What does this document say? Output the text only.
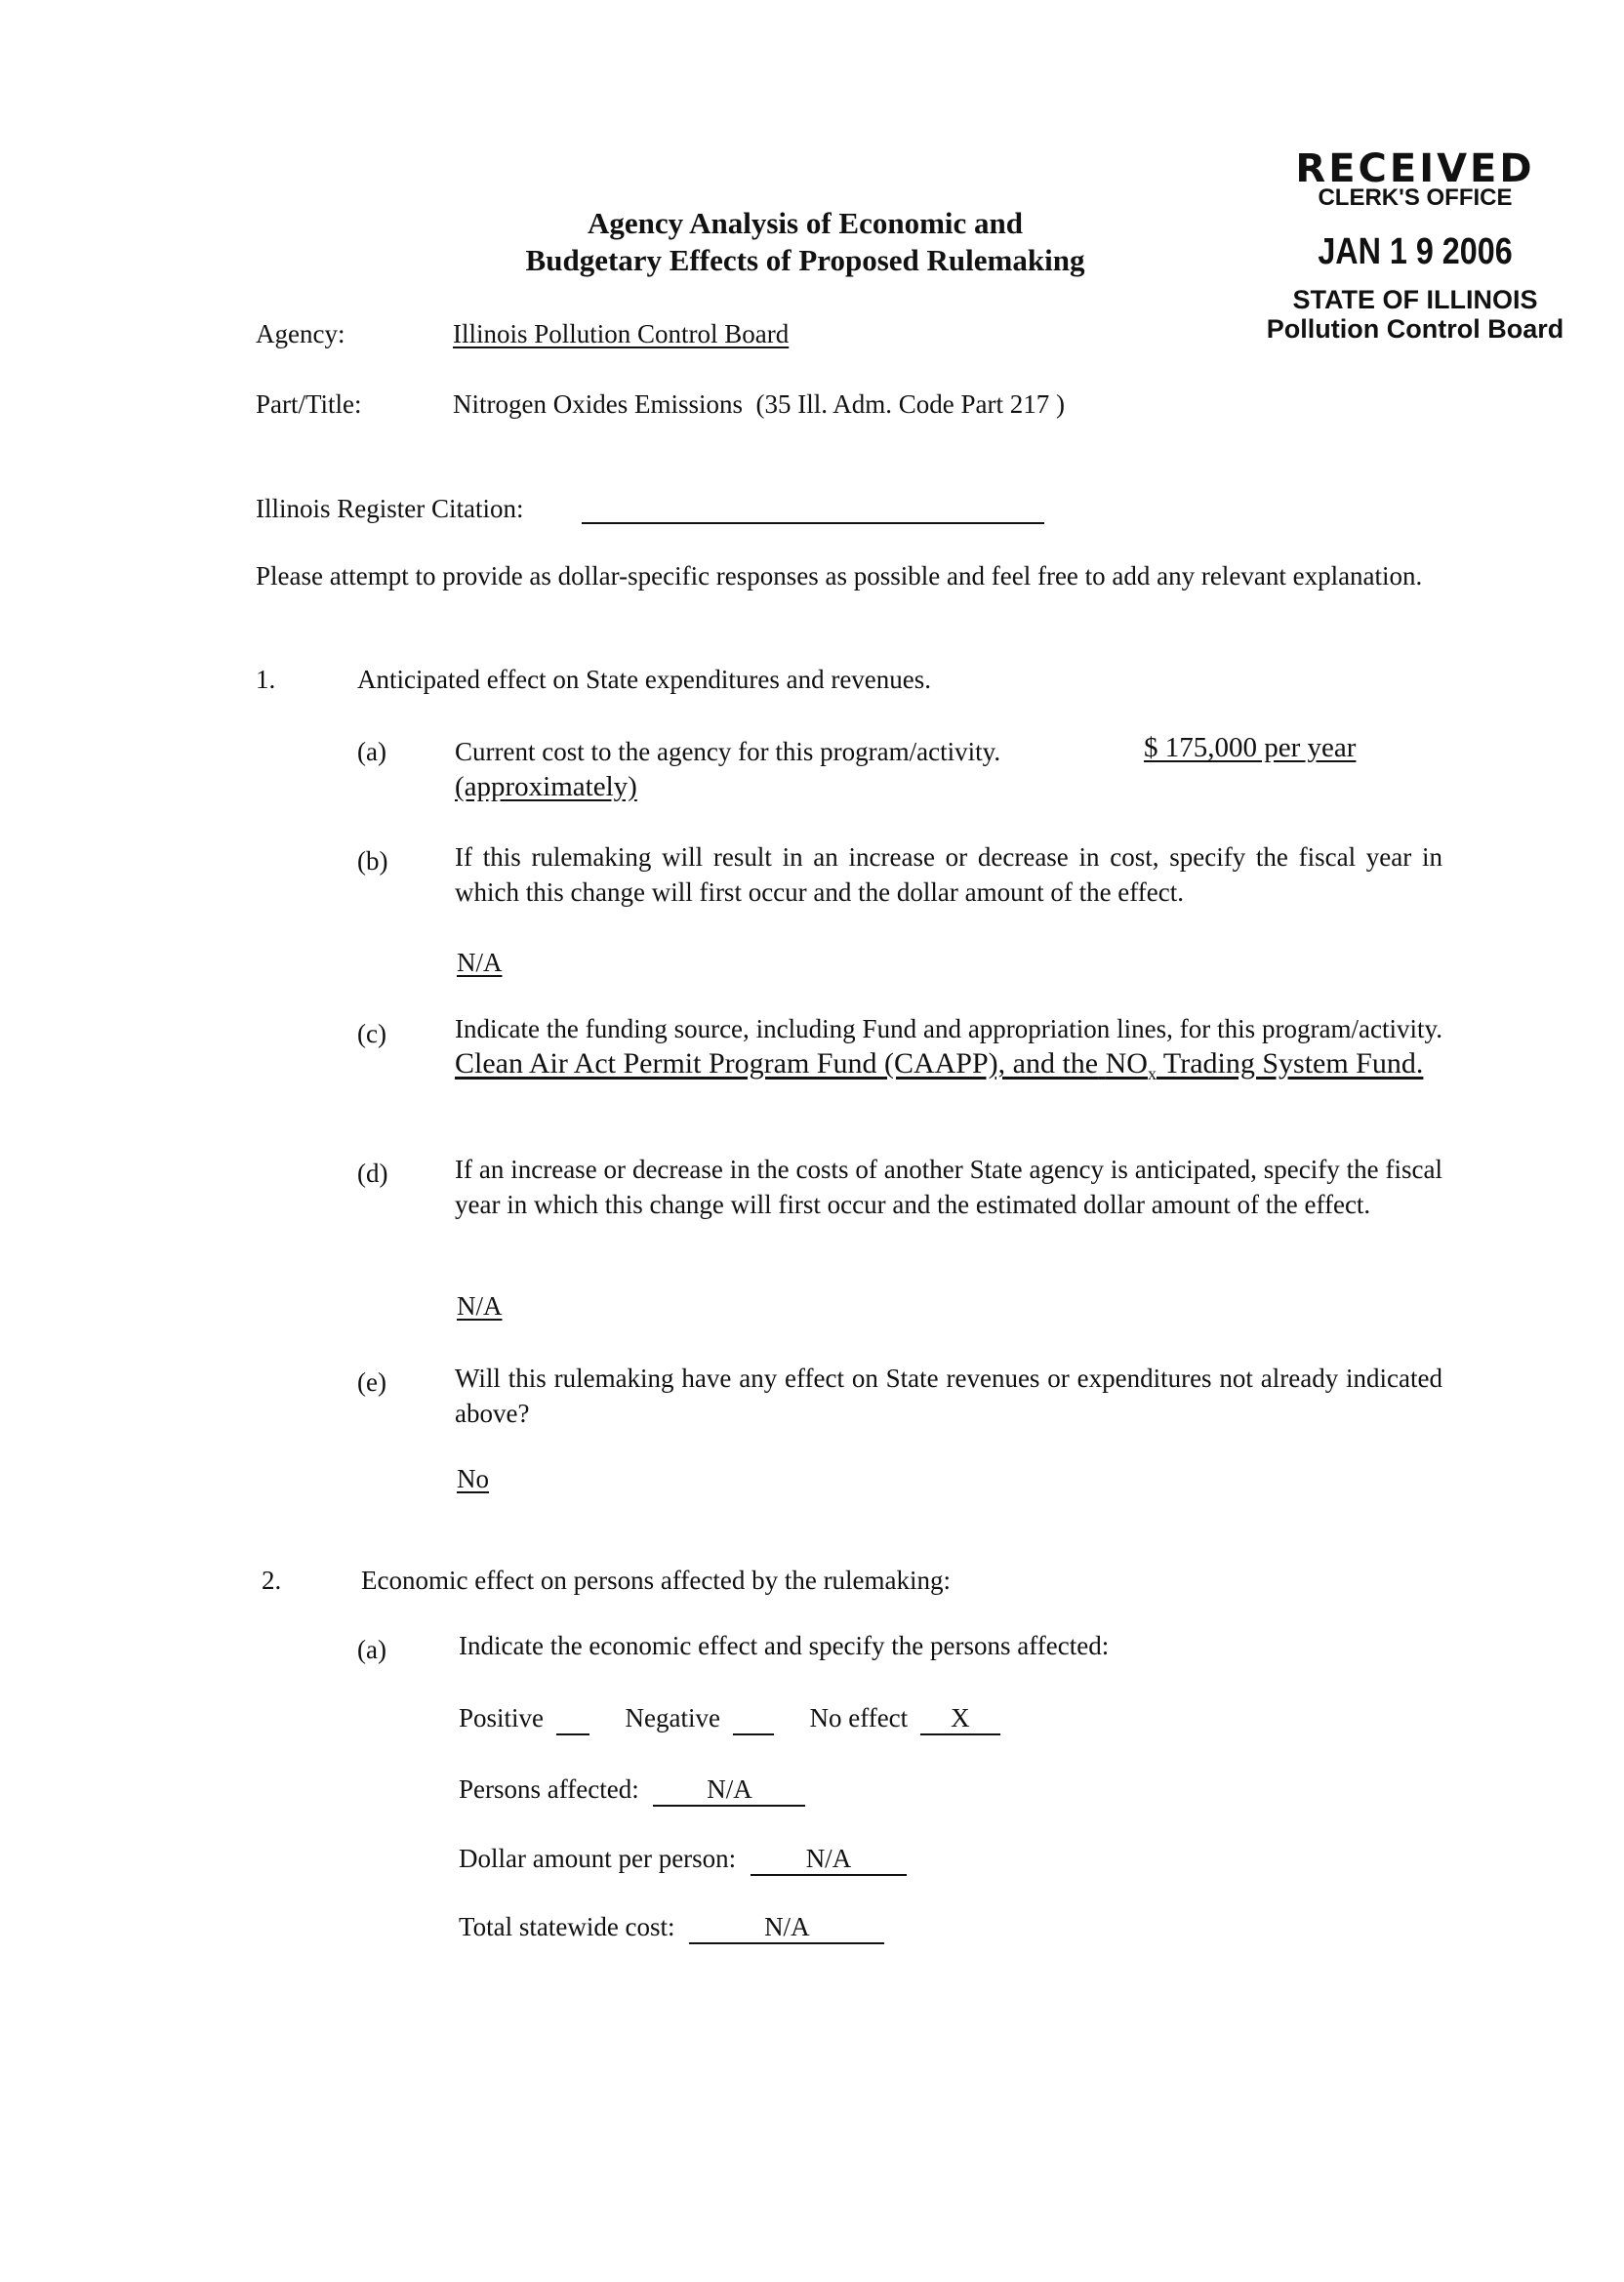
RECEIVED
CLERK'S OFFICE
JAN 1 9 2006
STATE OF ILLINOIS
Pollution Control Board
Agency Analysis of Economic and
Budgetary Effects of Proposed Rulemaking
Agency:	Illinois Pollution Control Board
Part/Title:	Nitrogen Oxides Emissions  (35 Ill. Adm. Code Part 217 )
Illinois Register Citation:
Please attempt to provide as dollar-specific responses as possible and feel free to add any relevant explanation.
1.	Anticipated effect on State expenditures and revenues.
(a)	Current cost to the agency for this program/activity.	$ 175,000 per year
(approximately)
(b)	If this rulemaking will result in an increase or decrease in cost, specify the fiscal year in which this change will first occur and the dollar amount of the effect.
N/A
(c)	Indicate the funding source, including Fund and appropriation lines, for this program/activity. Clean Air Act Permit Program Fund (CAAPP), and the $NO_x$ Trading System Fund.
(d)	If an increase or decrease in the costs of another State agency is anticipated, specify the fiscal year in which this change will first occur and the estimated dollar amount of the effect.
N/A
(e)	Will this rulemaking have any effect on State revenues or expenditures not already indicated above?
No
2.	Economic effect on persons affected by the rulemaking:
(a)	Indicate the economic effect and specify the persons affected:
Positive	Negative	No effect X
Persons affected:	N/A
Dollar amount per person:	N/A
Total statewide cost:	N/A
